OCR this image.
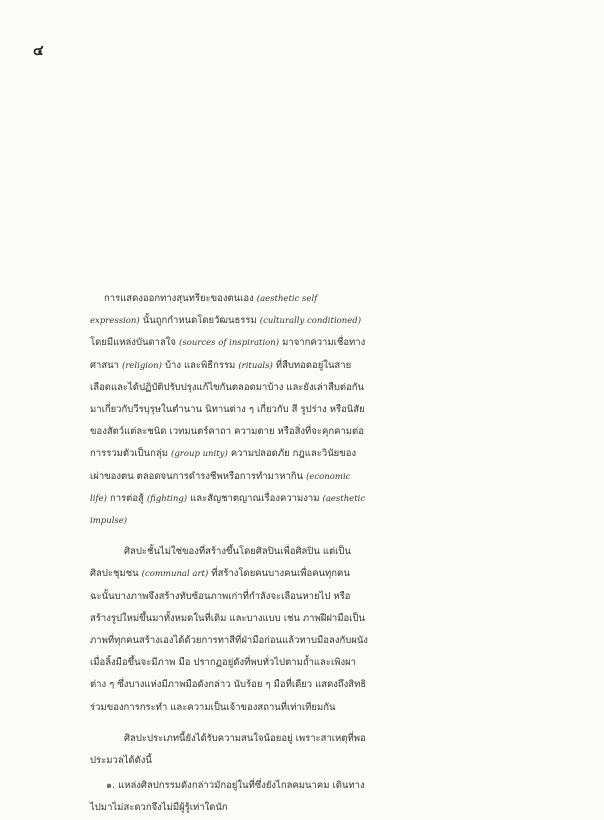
๔

การแสดงออกทางสุนทรียะของตนเอง (aesthetic self expression) นั้นถูกกำหนดโดยวัฒนธรรม (culturally conditioned) โดยมีแหล่งบันดาลใจ (sources of inspiration) มาจากความเชื่อทางศาสนา (religion) บ้าง และพิธีกรรม (rituals) ที่สืบทอดอยู่ในสายเลือดและได้ปฏิบัติปรับปรุงแก้ไขกันตลอดมาบ้าง และยังเล่าสืบต่อกันมาเกี่ยวกับวีรบุรุษในตำนาน นิทานต่าง ๆ เกี่ยวกับ สี รูปร่าง หรือนิสัยของสัตว์แต่ละชนิด เวทมนตร์คาถา ความตาย หรือสิ่งที่จะคุกคามต่อการรวมตัวเป็นกลุ่ม (group unity) ความปลอดภัย กฎและวินัยของเผ่าของตน ตลอดจนการดำรงชีพหรือการทำมาหากิน (economic life) การต่อสู้ (fighting) และสัญชาตญาณเรื่องความงาม (aesthetic impulse)

ศิลปะชั้นไม่ใช่ของที่สร้างขึ้นโดยศิลปินเพื่อศิลปิน แต่เป็นศิลปะชุมชน (communal art) ที่สร้างโดยคนบางคนเพื่อคนทุกคน ฉะนั้นบางภาพจึงสร้างทับซ้อนภาพเก่าที่กำลังจะเลือนหายไป หรือสร้างรูปใหม่ขึ้นมาทั้งหมดในที่เดิม และบางแบบ เช่น ภาพฝีฝามือเป็นภาพที่ทุกคนสร้างเองได้ด้วยการทาสีที่ฝ่ามือก่อนแล้วทาบมือลงกับผนัง เมื่อลิ้งมือขึ้นจะมีภาพ มือ ปรากฏอยู่ดังที่พบทั่วไปตามถ้ำและเพิงผาต่าง ๆ ซึ่งบางแห่งมีภาพมือดังกล่าว นับร้อย ๆ มือที่เดียว แสดงถึงสิทธิร่วมของการกระทำ และความเป็นเจ้าของสถานที่เท่าเทียมกัน

ศิลปะประเภทนี้ยังได้รับความสนใจน้อยอยู่ เพราะสาเหตุที่พอประมวลได้ดังนี้

๑. แหล่งศิลปกรรมดังกล่าวมักอยู่ในที่ซึ่งยังไกลคมนาคม เดินทางไปมาไม่สะดวกจึงไม่มีผู้รู้เท่าใดนัก
